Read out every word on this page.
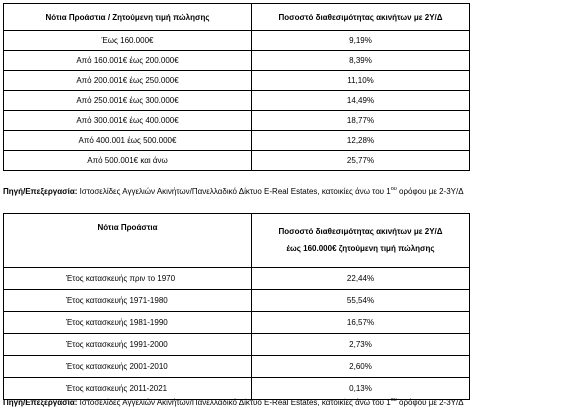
Νότια Προάστια / Ζητούμενη τιμή πώλησης	Ποσοστό διαθεσιμότητας ακινήτων με 2Υ/Δ
Έως 160.000€	9,19%
Από 160.001€ έως 200.000€	8,39%
Από 200.001€ έως 250.000€	11,10%
Από 250.001€ έως 300.000€	14,49%
Από 300.001€ έως 400.000€	18,77%
Από 400.001 έως 500.000€	12,28%
Από 500.001€ και άνω	25,77%
Πηγή/Επεξεργασία: Ιστοσελίδες Αγγελιών Ακινήτων/Πανελλαδικό Δίκτυο E-Real Estates, κατοικίες άνω του $1^{o\upsilon}$ ορόφου με 2-3Υ/Δ
Νότια Προάστια	Ποσοστό διαθεσιμότητας ακινήτων με 2Υ/Δ
έως 160.000€ ζητούμενη τιμή πώλησης
Έτος κατασκευής πριν το 1970	22,44%
Έτος κατασκευής 1971-1980	55,54%
Έτος κατασκευής 1981-1990	16,57%
Έτος κατασκευής 1991-2000	2,73%
Έτος κατασκευής 2001-2010	2,60%
Έτος κατασκευής 2011-2021	0,13%
Πηγή/Επεξεργασία: Ιστοσελίδες Αγγελιών Ακινήτων/Πανελλαδικό Δίκτυο E-Real Estates, κατοικίες άνω του $1^{o\upsilon}$ ορόφου με 2-3Υ/Δ
